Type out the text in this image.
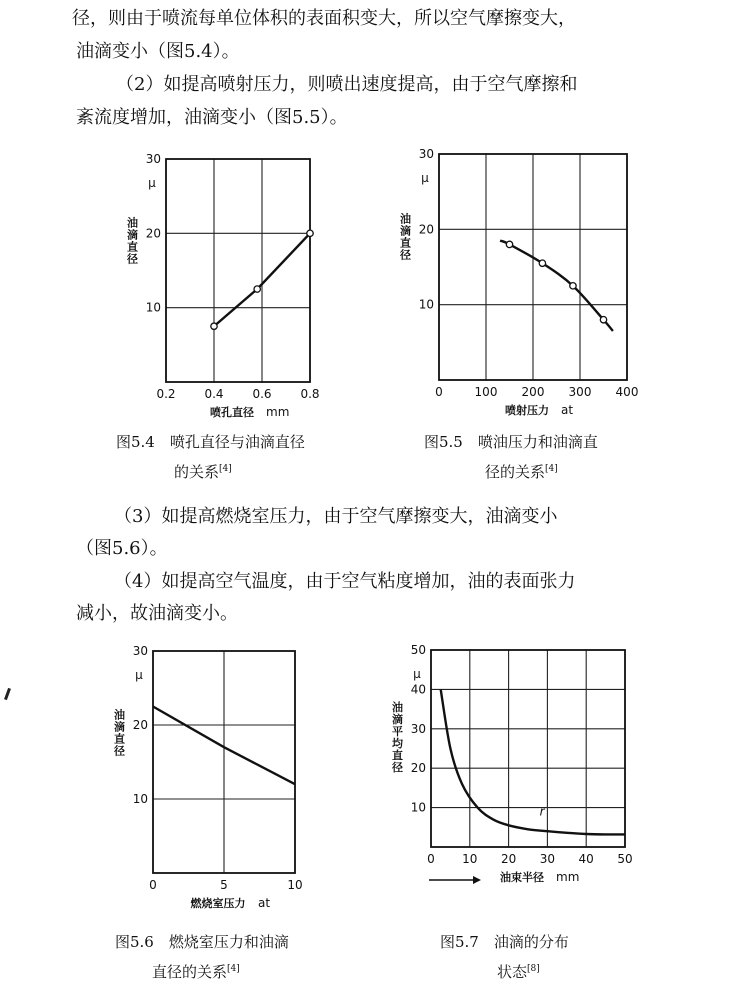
径，则由于喷流每单位体积的表面积变大，所以空气摩擦变大，
油滴变小（图5.4）。
（2）如提高喷射压力，则喷出速度提高，由于空气摩擦和
紊流度增加，油滴变小（图5.5）。
0.2 0.4 0.6 0.8
10
20
30
喷孔直径 mm
μ
油滴直径
0	100 200 300 400
10
20
30
喷射压力 at
μ
油滴直径
图5.4　喷孔直径与油滴直径
的关系[4]
图5.5　喷油压力和油滴直
径的关系[4]
（3）如提高燃烧室压力，由于空气摩擦变大，油滴变小
（图5.6）。
（4）如提高空气温度，由于空气粘度增加，油的表面张力
减小，故油滴变小。
0	5	10
10
20
30
燃烧室压力 at
μ
油滴直径
0 10 20 30 40 50
10
20
30
40
50
油束半径 mm
μ
油滴平均直径
r
图5.6　燃烧室压力和油滴
直径的关系[4]
图5.7　油滴的分布
状态[8]
